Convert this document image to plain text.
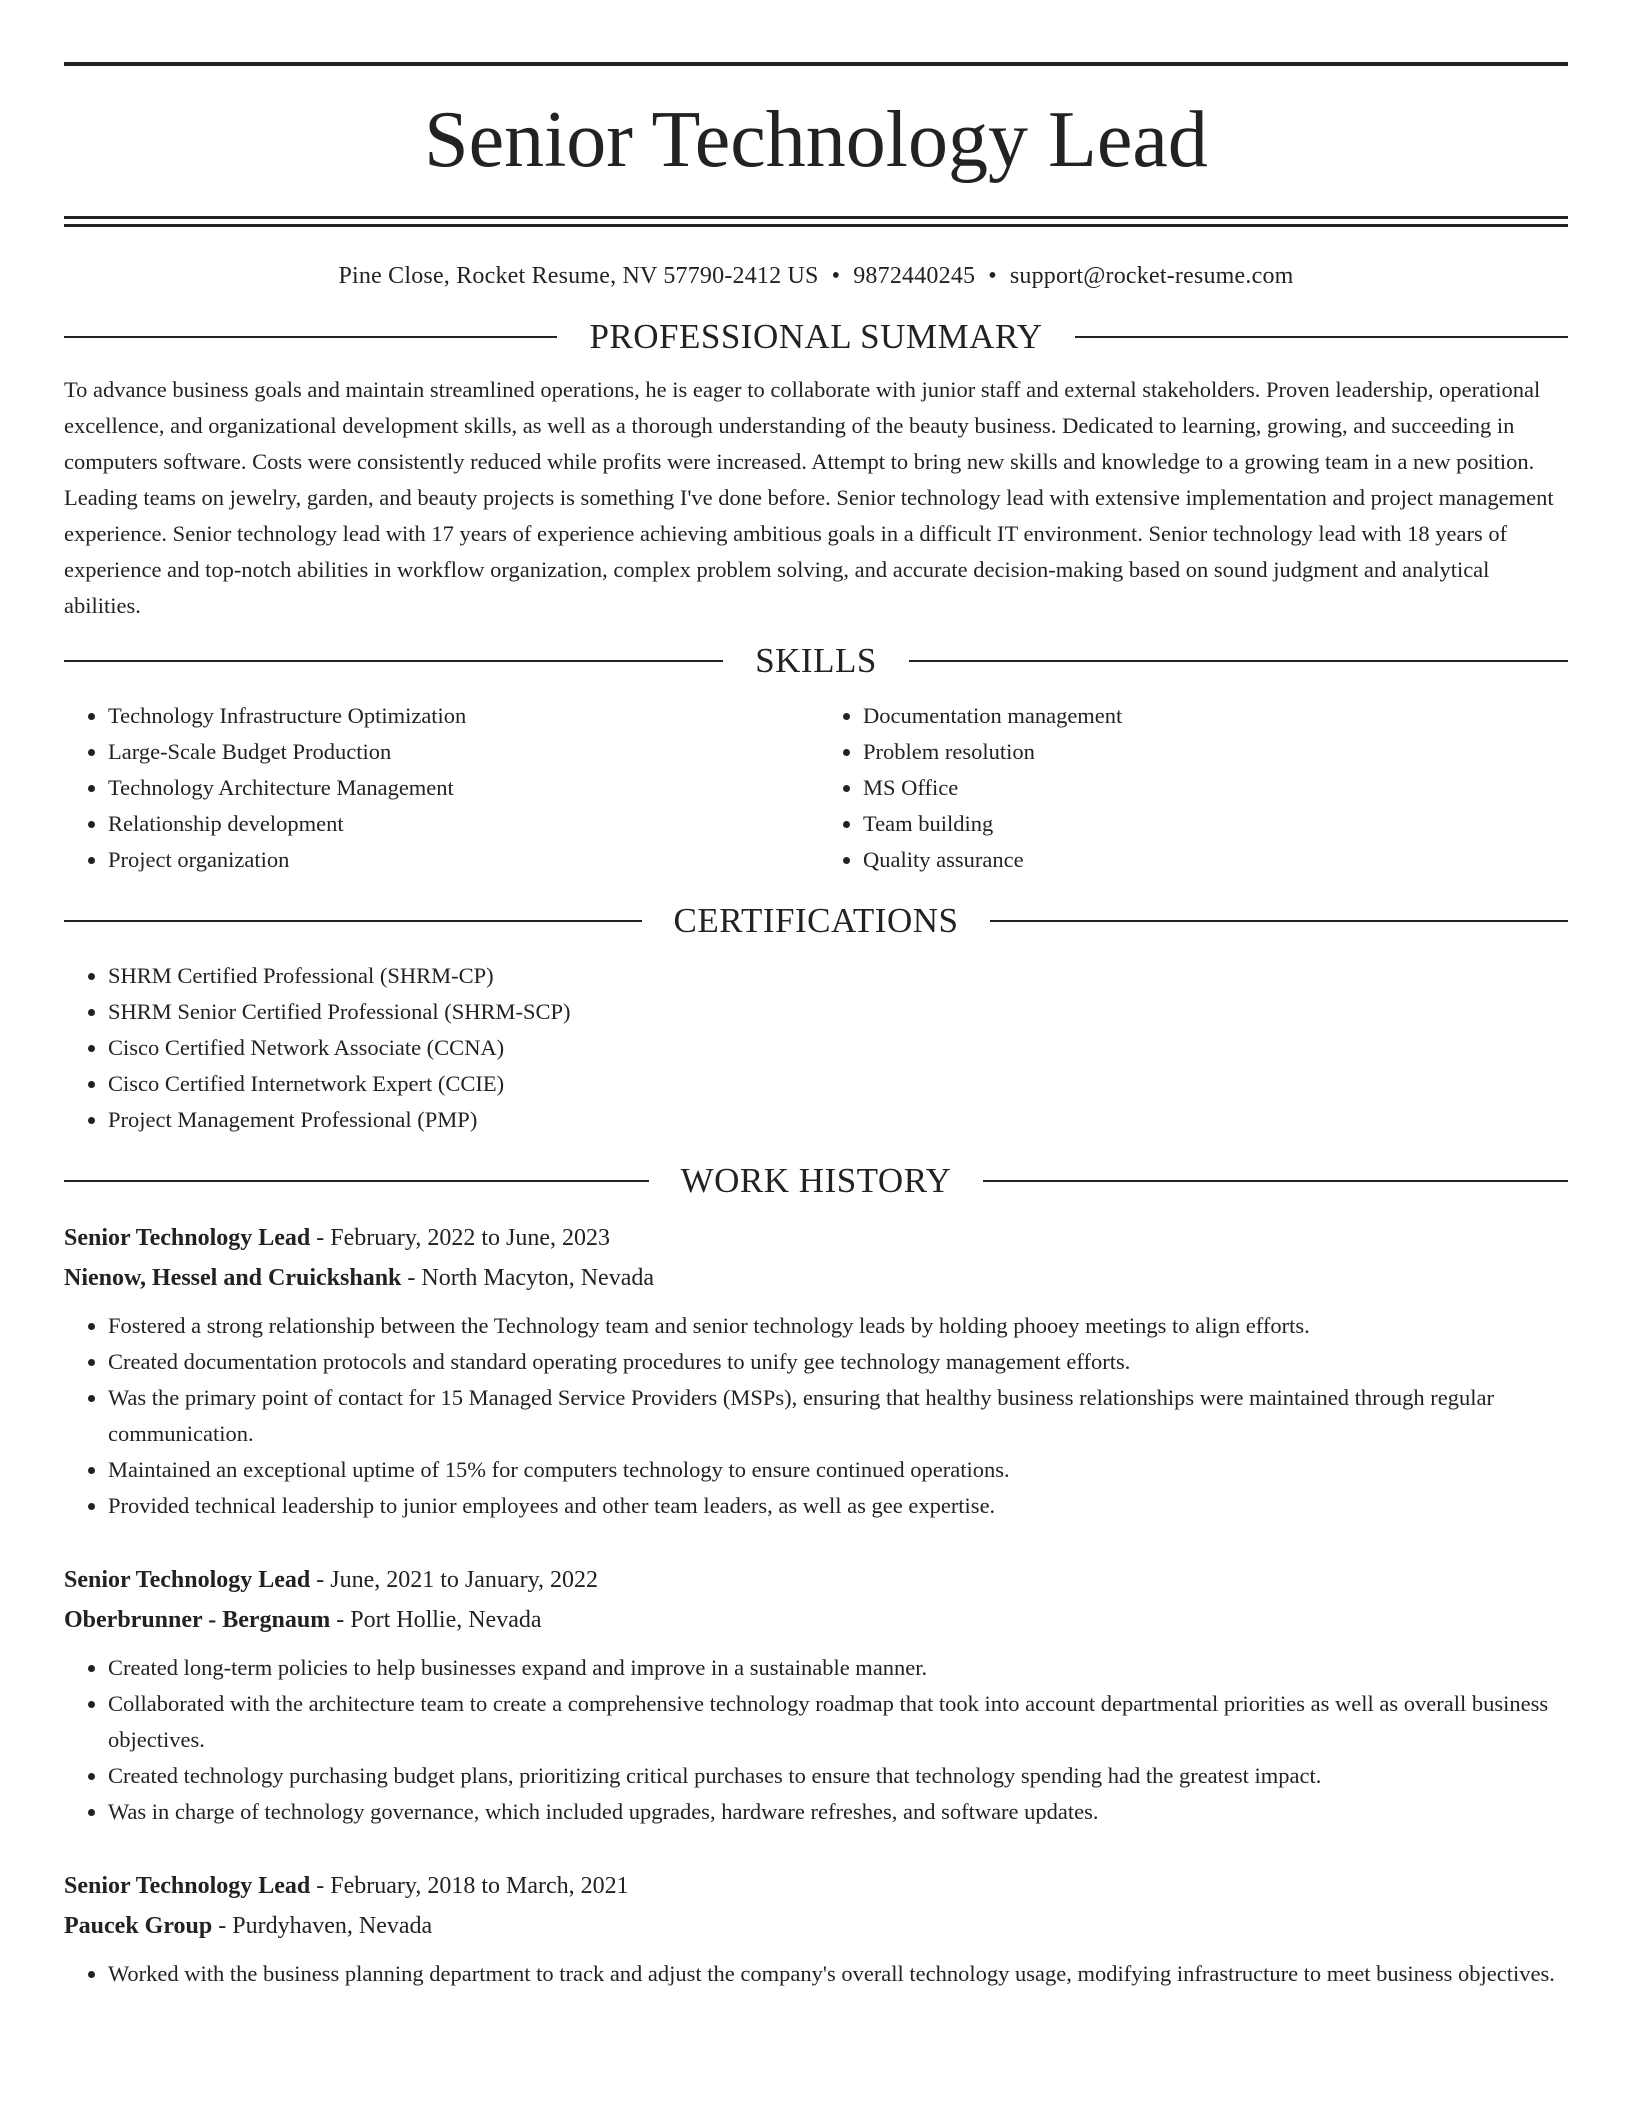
Senior Technology Lead
Pine Close, Rocket Resume, NV 57790-2412 US • 9872440245 • support@rocket-resume.com
PROFESSIONAL SUMMARY

To advance business goals and maintain streamlined operations, he is eager to collaborate with junior staff and external stakeholders. Proven leadership, operational excellence, and organizational development skills, as well as a thorough understanding of the beauty business. Dedicated to learning, growing, and succeeding in computers software. Costs were consistently reduced while profits were increased. Attempt to bring new skills and knowledge to a growing team in a new position. Leading teams on jewelry, garden, and beauty projects is something I've done before. Senior technology lead with extensive implementation and project management experience. Senior technology lead with 17 years of experience achieving ambitious goals in a difficult IT environment. Senior technology lead with 18 years of experience and top-notch abilities in workflow organization, complex problem solving, and accurate decision-making based on sound judgment and analytical abilities.

SKILLS
• Technology Infrastructure Optimization
• Large-Scale Budget Production
• Technology Architecture Management
• Relationship development
• Project organization
• Documentation management
• Problem resolution
• MS Office
• Team building
• Quality assurance
CERTIFICATIONS
• SHRM Certified Professional (SHRM-CP)
• SHRM Senior Certified Professional (SHRM-SCP)
• Cisco Certified Network Associate (CCNA)
• Cisco Certified Internetwork Expert (CCIE)
• Project Management Professional (PMP)
WORK HISTORY
Senior Technology Lead - February, 2022 to June, 2023
Nienow, Hessel and Cruickshank - North Macyton, Nevada
• Fostered a strong relationship between the Technology team and senior technology leads by holding phooey meetings to align efforts.
• Created documentation protocols and standard operating procedures to unify gee technology management efforts.
• Was the primary point of contact for 15 Managed Service Providers (MSPs), ensuring that healthy business relationships were maintained through regular communication.
• Maintained an exceptional uptime of 15% for computers technology to ensure continued operations.
• Provided technical leadership to junior employees and other team leaders, as well as gee expertise.
Senior Technology Lead - June, 2021 to January, 2022
Oberbrunner - Bergnaum - Port Hollie, Nevada
• Created long-term policies to help businesses expand and improve in a sustainable manner.
• Collaborated with the architecture team to create a comprehensive technology roadmap that took into account departmental priorities as well as overall business objectives.
• Created technology purchasing budget plans, prioritizing critical purchases to ensure that technology spending had the greatest impact.
• Was in charge of technology governance, which included upgrades, hardware refreshes, and software updates.
Senior Technology Lead - February, 2018 to March, 2021
Paucek Group - Purdyhaven, Nevada
• Worked with the business planning department to track and adjust the company's overall technology usage, modifying infrastructure to meet business objectives.
